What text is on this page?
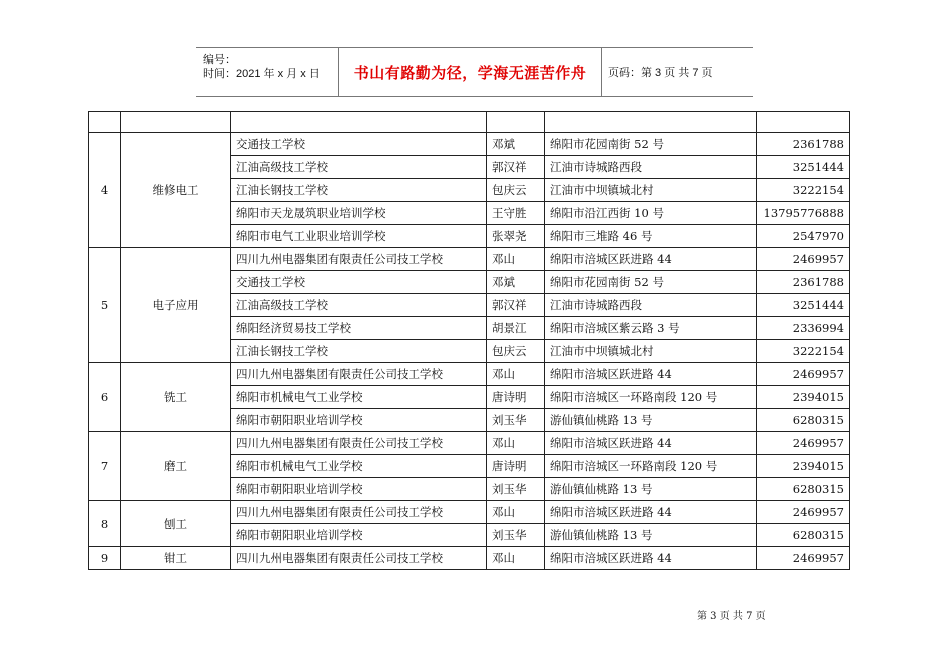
编号：
时间：2021 年 x 月 x 日 书山有路勤为径，学海无涯苦作舟 页码：第 3 页 共 7 页

4	维修电工	交通技工学校	邓斌	绵阳市花园南街 52 号	2361788
		江油高级技工学校	郭汉祥	江油市诗城路西段	3251444
		江油长钢技工学校	包庆云	江油市中坝镇城北村	3222154
		绵阳市天龙晟筑职业培训学校	王守胜	绵阳市沿江西街 10 号	13795776888
		绵阳市电气工业职业培训学校	张翠尧	绵阳市三堆路 46 号	2547970
5	电子应用	四川九州电器集团有限责任公司技工学校	邓山	绵阳市涪城区跃进路 44	2469957
		交通技工学校	邓斌	绵阳市花园南街 52 号	2361788
		江油高级技工学校	郭汉祥	江油市诗城路西段	3251444
		绵阳经济贸易技工学校	胡景江	绵阳市涪城区紫云路 3 号	2336994
		江油长钢技工学校	包庆云	江油市中坝镇城北村	3222154
6	铣工	四川九州电器集团有限责任公司技工学校	邓山	绵阳市涪城区跃进路 44	2469957
		绵阳市机械电气工业学校	唐诗明	绵阳市涪城区一环路南段 120 号	2394015
		绵阳市朝阳职业培训学校	刘玉华	游仙镇仙桃路 13 号	6280315
7	磨工	四川九州电器集团有限责任公司技工学校	邓山	绵阳市涪城区跃进路 44	2469957
		绵阳市机械电气工业学校	唐诗明	绵阳市涪城区一环路南段 120 号	2394015
		绵阳市朝阳职业培训学校	刘玉华	游仙镇仙桃路 13 号	6280315
8	刨工	四川九州电器集团有限责任公司技工学校	邓山	绵阳市涪城区跃进路 44	2469957
		绵阳市朝阳职业培训学校	刘玉华	游仙镇仙桃路 13 号	6280315
9	钳工	四川九州电器集团有限责任公司技工学校	邓山	绵阳市涪城区跃进路 44	2469957
第 3 页 共 7 页
